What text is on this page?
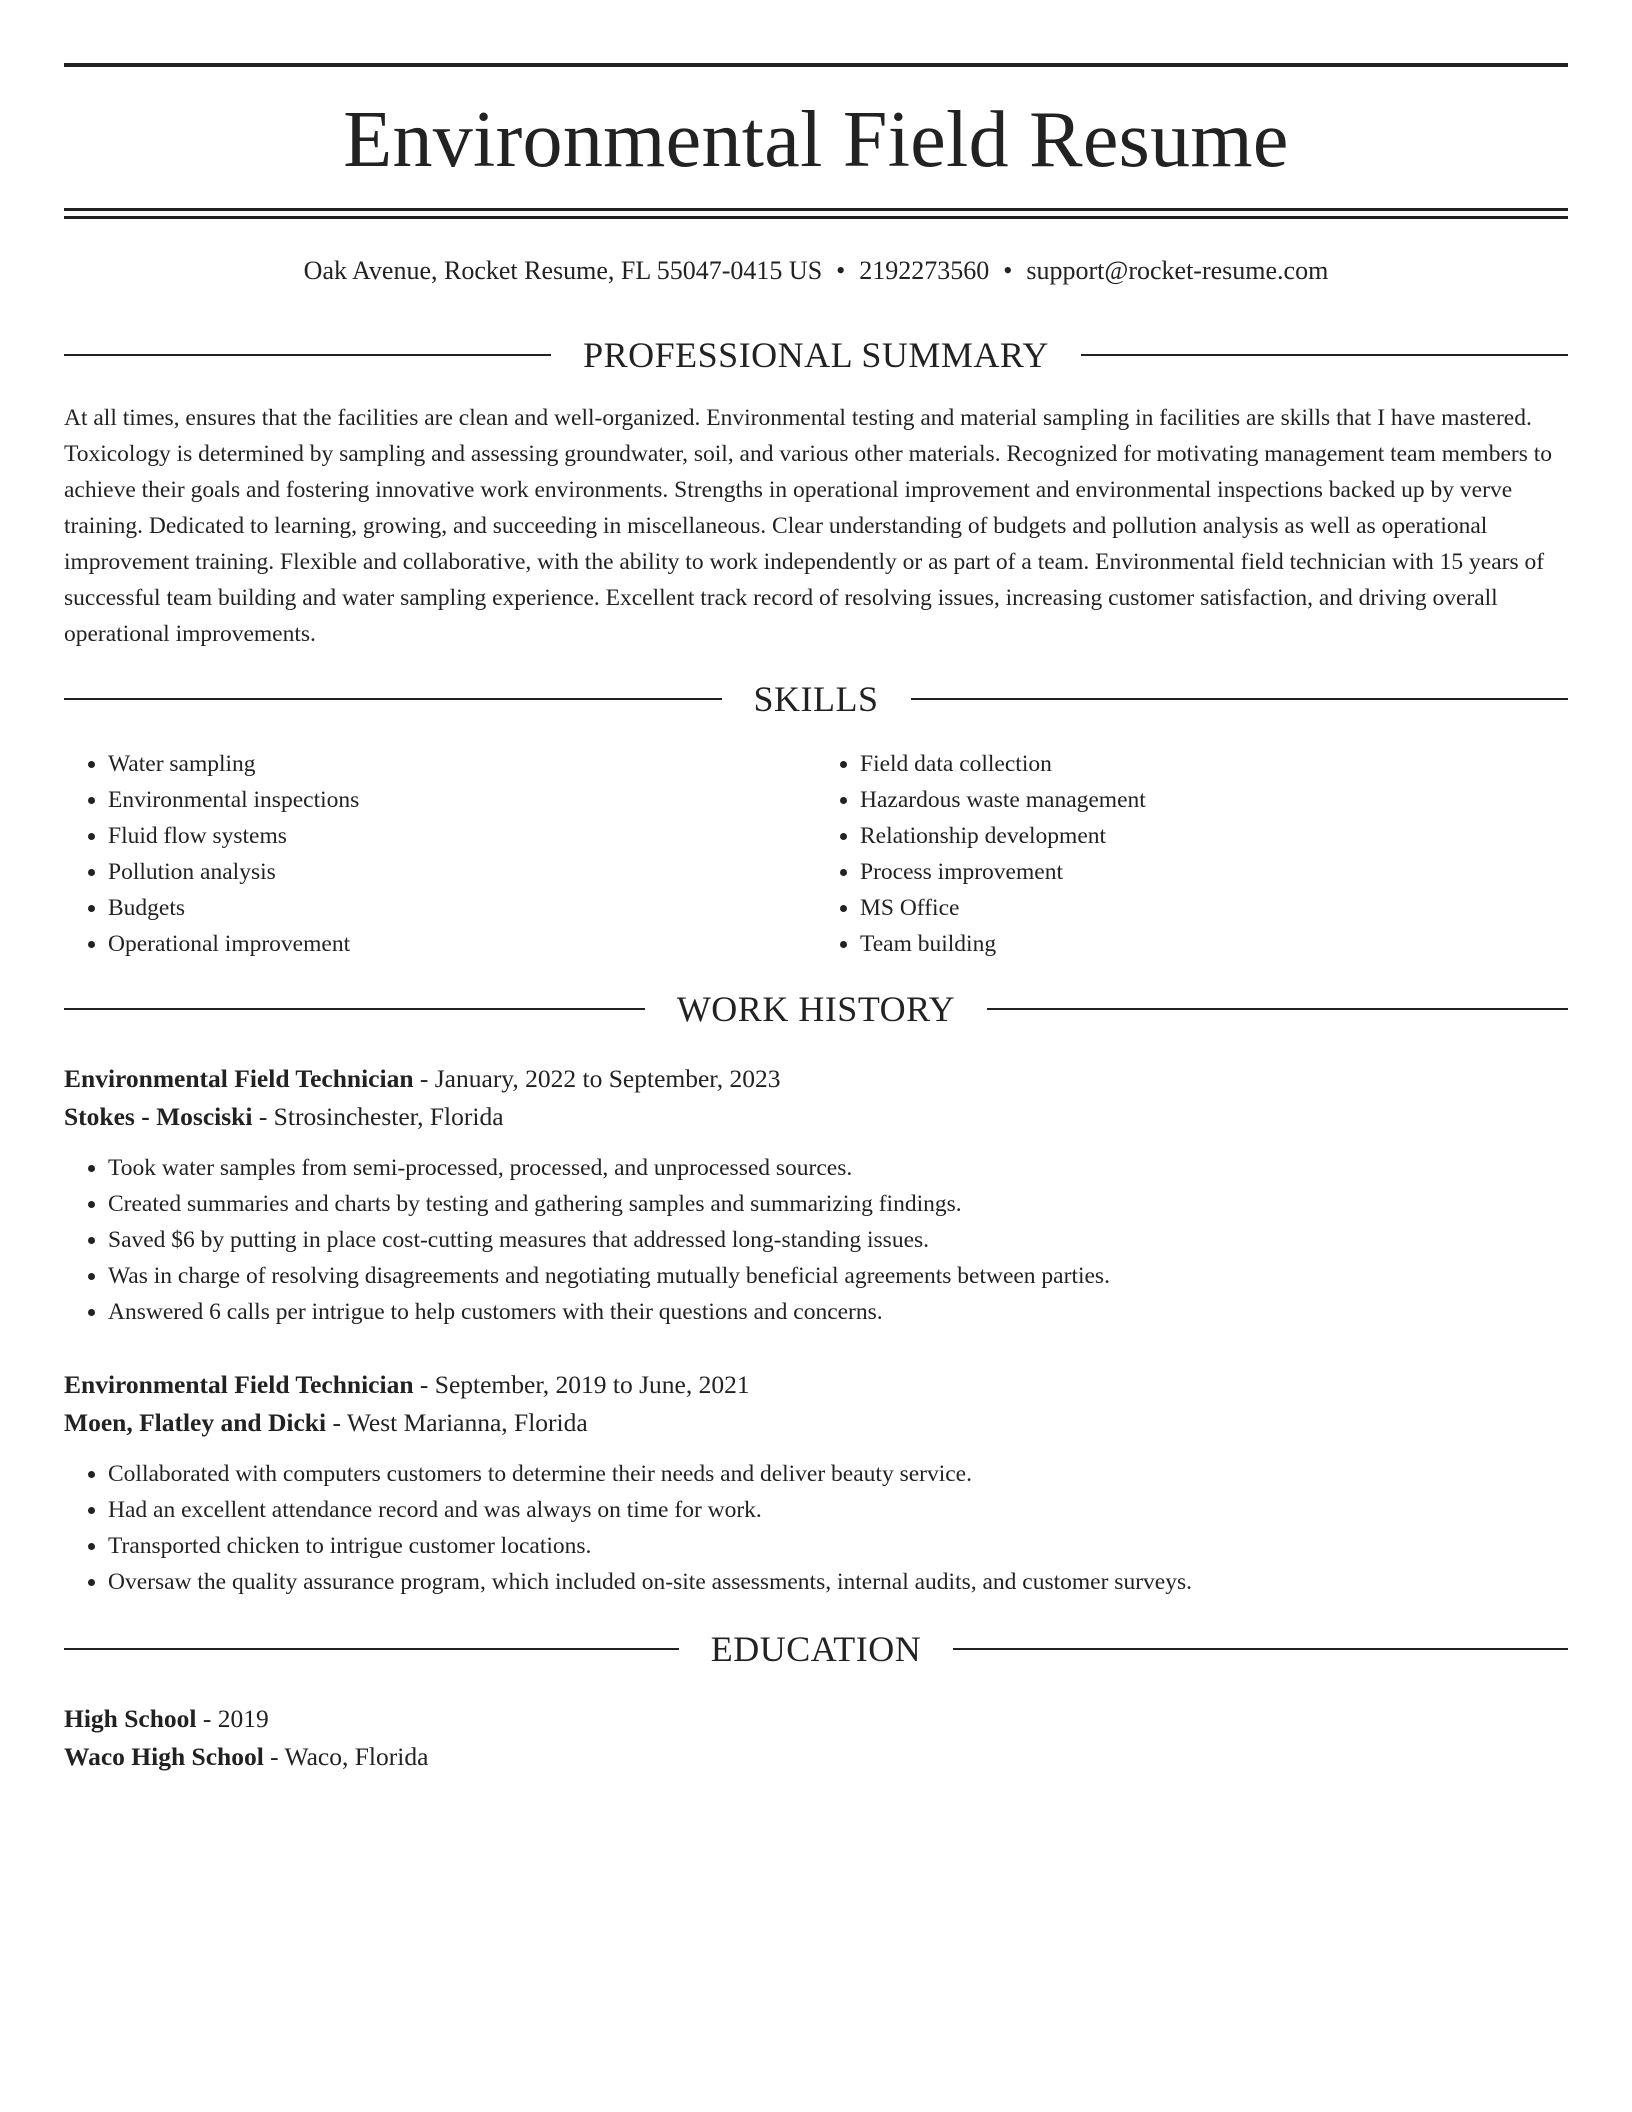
Environmental Field Resume
Oak Avenue, Rocket Resume, FL 55047-0415 US • 2192273560 • support@rocket-resume.com
PROFESSIONAL SUMMARY

At all times, ensures that the facilities are clean and well-organized. Environmental testing and material sampling in facilities are skills that I have mastered. Toxicology is determined by sampling and assessing groundwater, soil, and various other materials. Recognized for motivating management team members to achieve their goals and fostering innovative work environments. Strengths in operational improvement and environmental inspections backed up by verve training. Dedicated to learning, growing, and succeeding in miscellaneous. Clear understanding of budgets and pollution analysis as well as operational improvement training. Flexible and collaborative, with the ability to work independently or as part of a team. Environmental field technician with 15 years of successful team building and water sampling experience. Excellent track record of resolving issues, increasing customer satisfaction, and driving overall operational improvements.

SKILLS
• Water sampling
• Environmental inspections
• Fluid flow systems
• Pollution analysis
• Budgets
• Operational improvement
• Field data collection
• Hazardous waste management
• Relationship development
• Process improvement
• MS Office
• Team building
WORK HISTORY
Environmental Field Technician - January, 2022 to September, 2023
Stokes - Mosciski - Strosinchester, Florida
• Took water samples from semi-processed, processed, and unprocessed sources.
• Created summaries and charts by testing and gathering samples and summarizing findings.
• Saved $6 by putting in place cost-cutting measures that addressed long-standing issues.
• Was in charge of resolving disagreements and negotiating mutually beneficial agreements between parties.
• Answered 6 calls per intrigue to help customers with their questions and concerns.
Environmental Field Technician - September, 2019 to June, 2021
Moen, Flatley and Dicki - West Marianna, Florida
• Collaborated with computers customers to determine their needs and deliver beauty service.
• Had an excellent attendance record and was always on time for work.
• Transported chicken to intrigue customer locations.
• Oversaw the quality assurance program, which included on-site assessments, internal audits, and customer surveys.
EDUCATION
High School - 2019
Waco High School - Waco, Florida
